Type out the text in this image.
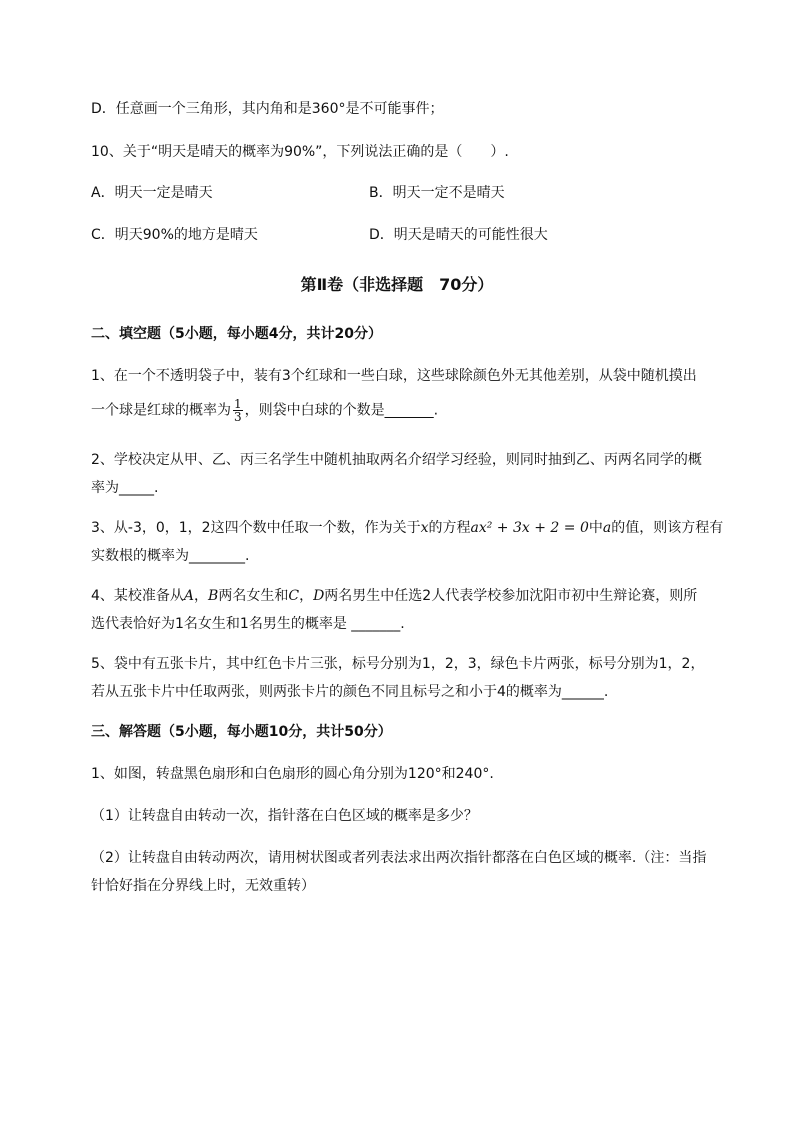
D．任意画一个三角形，其内角和是360°是不可能事件；
10、关于“明天是晴天的概率为90%”，下列说法正确的是（　　）.
A．明天一定是晴天	B．明天一定不是晴天
C．明天90%的地方是晴天	D．明天是晴天的可能性很大
第Ⅱ卷（非选择题　70分）
二、填空题（5小题，每小题4分，共计20分）
1、在一个不透明袋子中，装有3个红球和一些白球，这些球除颜色外无其他差别，从袋中随机摸出
一个球是红球的概率为 $\frac{1}{3}$ ，则袋中白球的个数是_______.
2、学校决定从甲、乙、丙三名学生中随机抽取两名介绍学习经验，则同时抽到乙、丙两名同学的概
率为_____.
3、从-3，0，1，2这四个数中任取一个数，作为关于x的方程ax² + 3x + 2 = 0中a的值，则该方程有
实数根的概率为________.
4、某校准备从A，B两名女生和C，D两名男生中任选2人代表学校参加沈阳市初中生辩论赛，则所
选代表恰好为1名女生和1名男生的概率是 _______.
5、袋中有五张卡片，其中红色卡片三张，标号分别为1，2，3，绿色卡片两张，标号分别为1，2，
若从五张卡片中任取两张，则两张卡片的颜色不同且标号之和小于4的概率为______.
三、解答题（5小题，每小题10分，共计50分）
1、如图，转盘黑色扇形和白色扇形的圆心角分别为120°和240°.
（1）让转盘自由转动一次，指针落在白色区域的概率是多少？
（2）让转盘自由转动两次，请用树状图或者列表法求出两次指针都落在白色区域的概率.（注：当指
针恰好指在分界线上时，无效重转）
